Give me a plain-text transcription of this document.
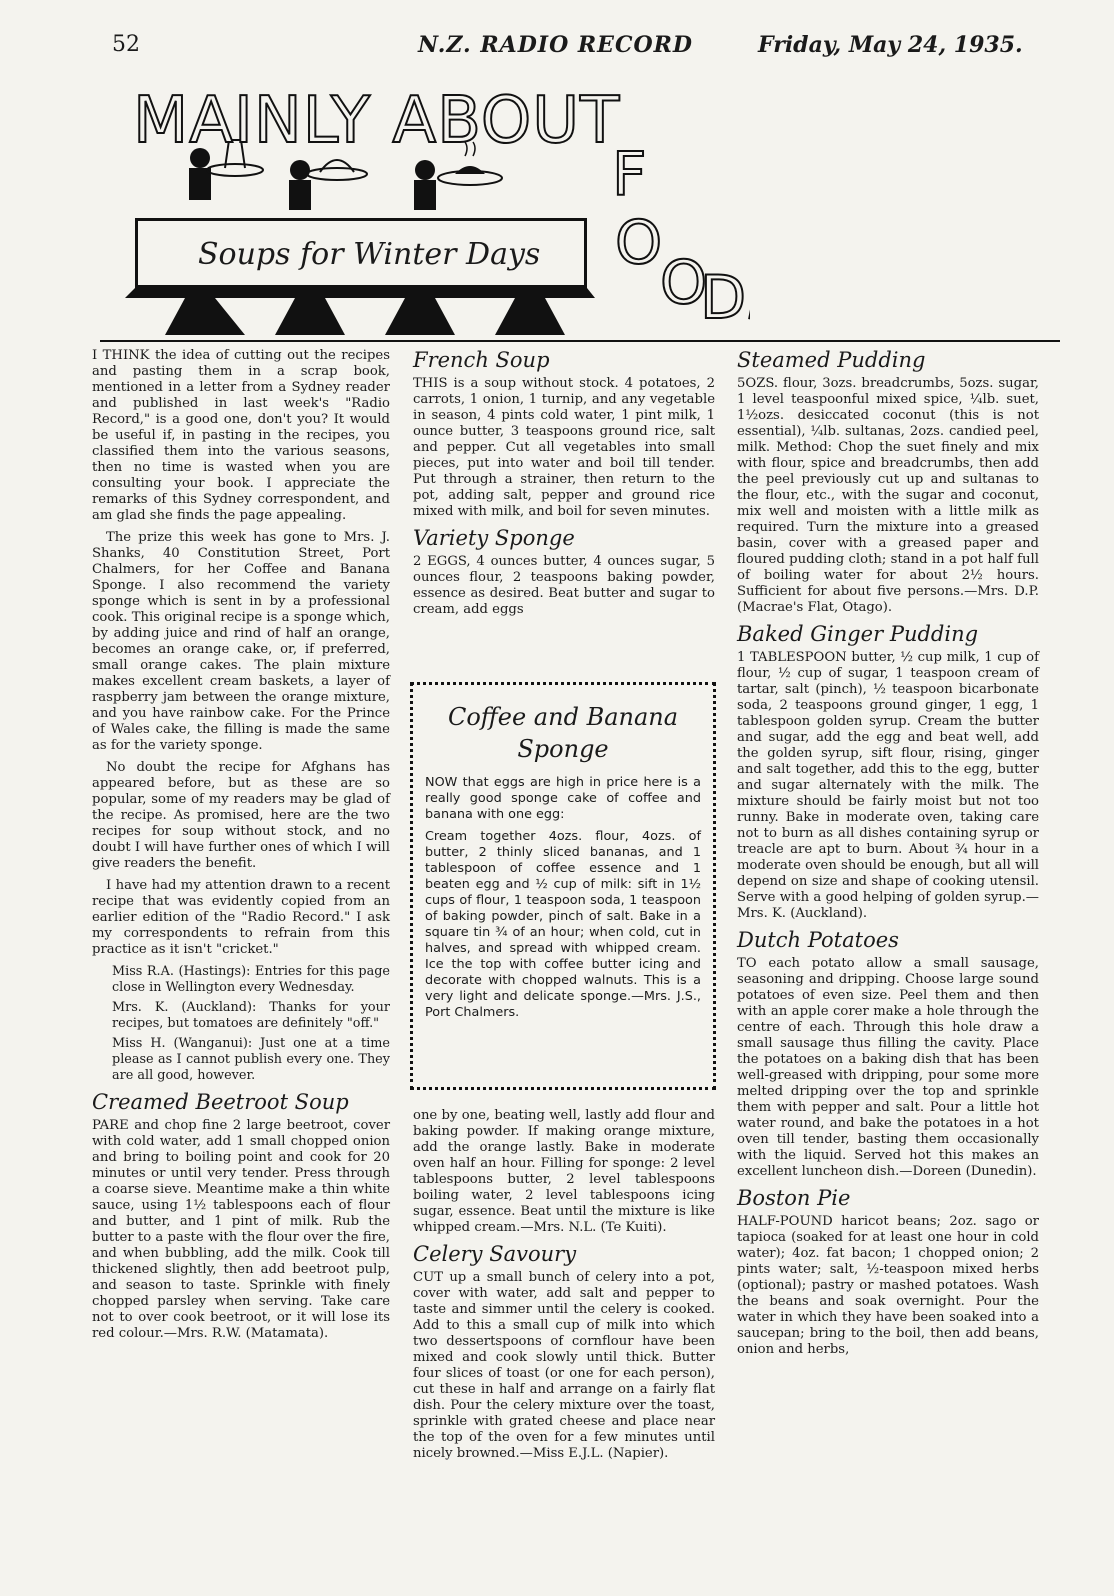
52	N.Z. RADIO RECORD	Friday, May 24, 1935.
MAINLY ABOUT
F
O
O
D
Soups for Winter Days

I THINK the idea of cutting out the recipes and pasting them in a scrap book, mentioned in a letter from a Sydney reader and published in last week's "Radio Record," is a good one, don't you? It would be useful if, in pasting in the recipes, you classified them into the various seasons, then no time is wasted when you are consulting your book. I appreciate the remarks of this Sydney correspondent, and am glad she finds the page appealing.

The prize this week has gone to Mrs. J. Shanks, 40 Constitution Street, Port Chalmers, for her Coffee and Banana Sponge. I also recommend the variety sponge which is sent in by a professional cook. This original recipe is a sponge which, by adding juice and rind of half an orange, becomes an orange cake, or, if preferred, small orange cakes. The plain mixture makes excellent cream baskets, a layer of raspberry jam between the orange mixture, and you have rainbow cake. For the Prince of Wales cake, the filling is made the same as for the variety sponge.

No doubt the recipe for Afghans has appeared before, but as these are so popular, some of my readers may be glad of the recipe. As promised, here are the two recipes for soup without stock, and no doubt I will have further ones of which I will give readers the benefit.

I have had my attention drawn to a recent recipe that was evidently copied from an earlier edition of the "Radio Record." I ask my correspondents to refrain from this practice as it isn't "cricket."

Miss R.A. (Hastings): Entries for this page close in Wellington every Wednesday.

Mrs. K. (Auckland): Thanks for your recipes, but tomatoes are definitely "off."

Miss H. (Wanganui): Just one at a time please as I cannot publish every one. They are all good, however.

Creamed Beetroot Soup

PARE and chop fine 2 large beetroot, cover with cold water, add 1 small chopped onion and bring to boiling point and cook for 20 minutes or until very tender. Press through a coarse sieve. Meantime make a thin white sauce, using 1½ tablespoons each of flour and butter, and 1 pint of milk. Rub the butter to a paste with the flour over the fire, and when bubbling, add the milk. Cook till thickened slightly, then add beetroot pulp, and season to taste. Sprinkle with finely chopped parsley when serving. Take care not to over cook beetroot, or it will lose its red colour.—Mrs. R.W. (Matamata).

French Soup

THIS is a soup without stock. 4 potatoes, 2 carrots, 1 onion, 1 turnip, and any vegetable in season, 4 pints cold water, 1 pint milk, 1 ounce butter, 3 teaspoons ground rice, salt and pepper. Cut all vegetables into small pieces, put into water and boil till tender. Put through a strainer, then return to the pot, adding salt, pepper and ground rice mixed with milk, and boil for seven minutes.

Variety Sponge

2 EGGS, 4 ounces butter, 4 ounces sugar, 5 ounces flour, 2 teaspoons baking powder, essence as desired. Beat butter and sugar to cream, add eggs

Coffee and Banana Sponge

NOW that eggs are high in price here is a really good sponge cake of coffee and banana with one egg:

Cream together 4ozs. flour, 4ozs. of butter, 2 thinly sliced bananas, and 1 tablespoon of coffee essence and 1 beaten egg and ½ cup of milk: sift in 1½ cups of flour, 1 teaspoon soda, 1 teaspoon of baking powder, pinch of salt. Bake in a square tin ¾ of an hour; when cold, cut in halves, and spread with whipped cream. Ice the top with coffee butter icing and decorate with chopped walnuts. This is a very light and delicate sponge.—Mrs. J.S., Port Chalmers.

one by one, beating well, lastly add flour and baking powder. If making orange mixture, add the orange lastly. Bake in moderate oven half an hour. Filling for sponge: 2 level tablespoons butter, 2 level tablespoons boiling water, 2 level tablespoons icing sugar, essence. Beat until the mixture is like whipped cream.—Mrs. N.L. (Te Kuiti).

Celery Savoury

CUT up a small bunch of celery into a pot, cover with water, add salt and pepper to taste and simmer until the celery is cooked. Add to this a small cup of milk into which two dessertspoons of cornflour have been mixed and cook slowly until thick. Butter four slices of toast (or one for each person), cut these in half and arrange on a fairly flat dish. Pour the celery mixture over the toast, sprinkle with grated cheese and place near the top of the oven for a few minutes until nicely browned.—Miss E.J.L. (Napier).

Steamed Pudding

5OZS. flour, 3ozs. breadcrumbs, 5ozs. sugar, 1 level teaspoonful mixed spice, ¼lb. suet, 1½ozs. desiccated coconut (this is not essential), ¼lb. sultanas, 2ozs. candied peel, milk. Method: Chop the suet finely and mix with flour, spice and breadcrumbs, then add the peel previously cut up and sultanas to the flour, etc., with the sugar and coconut, mix well and moisten with a little milk as required. Turn the mixture into a greased basin, cover with a greased paper and floured pudding cloth; stand in a pot half full of boiling water for about 2½ hours. Sufficient for about five persons.—Mrs. D.P. (Macrae's Flat, Otago).

Baked Ginger Pudding

1 TABLESPOON butter, ½ cup milk, 1 cup of flour, ½ cup of sugar, 1 teaspoon cream of tartar, salt (pinch), ½ teaspoon bicarbonate soda, 2 teaspoons ground ginger, 1 egg, 1 tablespoon golden syrup. Cream the butter and sugar, add the egg and beat well, add the golden syrup, sift flour, rising, ginger and salt together, add this to the egg, butter and sugar alternately with the milk. The mixture should be fairly moist but not too runny. Bake in moderate oven, taking care not to burn as all dishes containing syrup or treacle are apt to burn. About ¾ hour in a moderate oven should be enough, but all will depend on size and shape of cooking utensil. Serve with a good helping of golden syrup.—Mrs. K. (Auckland).

Dutch Potatoes

TO each potato allow a small sausage, seasoning and dripping. Choose large sound potatoes of even size. Peel them and then with an apple corer make a hole through the centre of each. Through this hole draw a small sausage thus filling the cavity. Place the potatoes on a baking dish that has been well-greased with dripping, pour some more melted dripping over the top and sprinkle them with pepper and salt. Pour a little hot water round, and bake the potatoes in a hot oven till tender, basting them occasionally with the liquid. Served hot this makes an excellent luncheon dish.—Doreen (Dunedin).

Boston Pie

HALF-POUND haricot beans; 2oz. sago or tapioca (soaked for at least one hour in cold water); 4oz. fat bacon; 1 chopped onion; 2 pints water; salt, ½-teaspoon mixed herbs (optional); pastry or mashed potatoes. Wash the beans and soak overnight. Pour the water in which they have been soaked into a saucepan; bring to the boil, then add beans, onion and herbs,
